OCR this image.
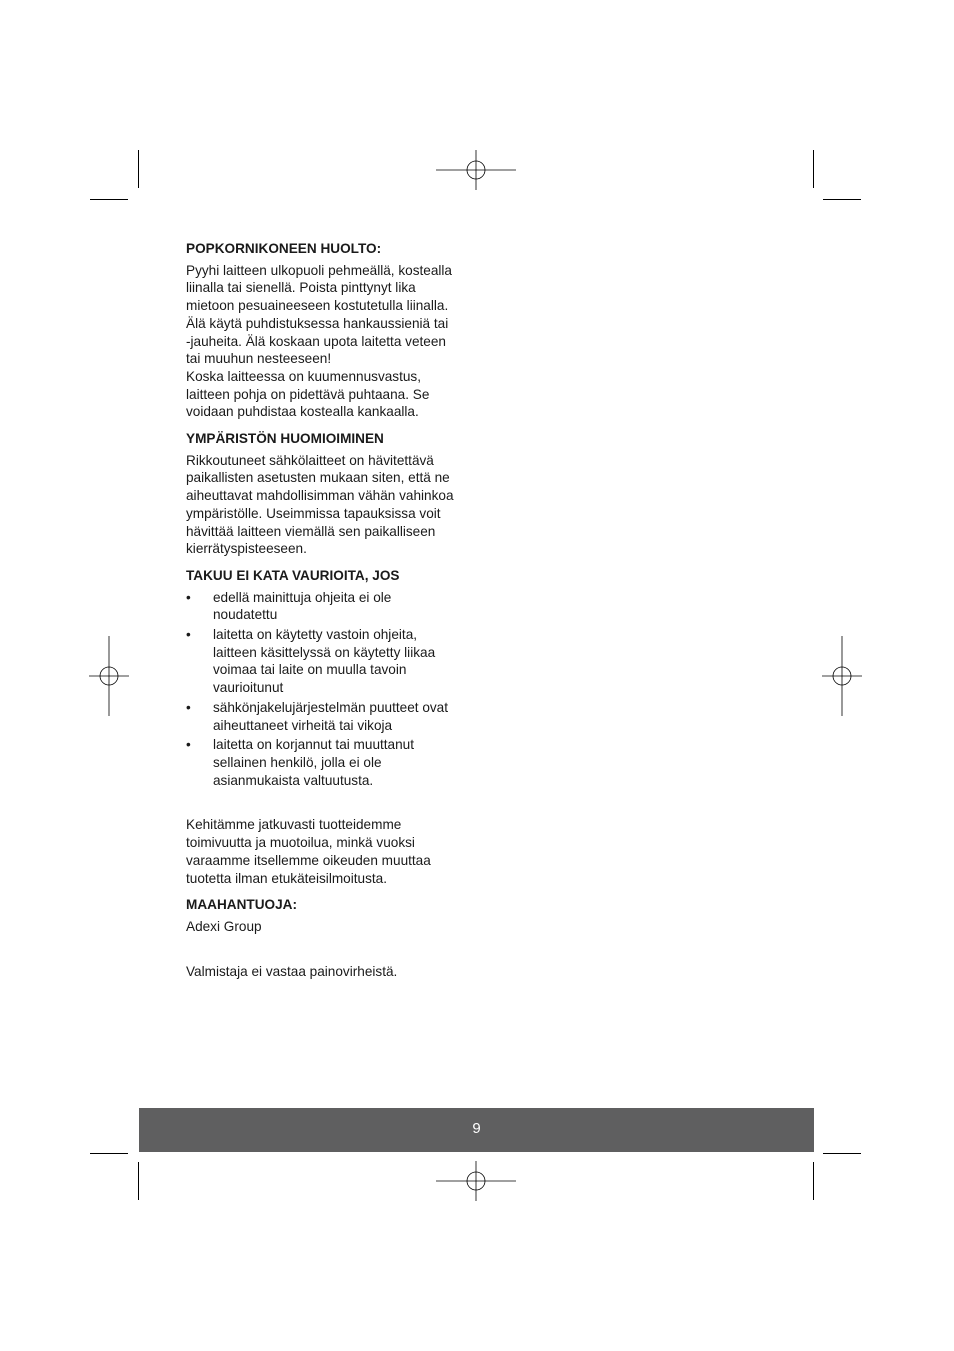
POPKORNIKONEEN HUOLTO:

Pyyhi laitteen ulkopuoli pehmeällä, kostealla
liinalla tai sienellä. Poista pinttynyt lika
mietoon pesuaineeseen kostutetulla liinalla.
Älä käytä puhdistuksessa hankaussieniä tai
-jauheita. Älä koskaan upota laitetta veteen
tai muuhun nesteeseen!
Koska laitteessa on kuumennusvastus,
laitteen pohja on pidettävä puhtaana. Se
voidaan puhdistaa kostealla kankaalla.

YMPÄRISTÖN HUOMIOIMINEN

Rikkoutuneet sähkölaitteet on hävitettävä
paikallisten asetusten mukaan siten, että ne
aiheuttavat mahdollisimman vähän vahinkoa
ympäristölle. Useimmissa tapauksissa voit
hävittää laitteen viemällä sen paikalliseen
kierrätyspisteeseen.

TAKUU EI KATA VAURIOITA, JOS
• edellä mainittuja ohjeita ei ole
noudatettu

• laitetta on käytetty vastoin ohjeita,
laitteen käsittelyssä on käytetty liikaa
voimaa tai laite on muulla tavoin
vaurioitunut

• sähkönjakelujärjestelmän puutteet ovat
aiheuttaneet virheitä tai vikoja

• laitetta on korjannut tai muuttanut
sellainen henkilö, jolla ei ole
asianmukaista valtuutusta.

Kehitämme jatkuvasti tuotteidemme
toimivuutta ja muotoilua, minkä vuoksi
varaamme itsellemme oikeuden muuttaa
tuotetta ilman etukäteisilmoitusta.

MAAHANTUOJA:

Adexi Group

Valmistaja ei vastaa painovirheistä.

9
